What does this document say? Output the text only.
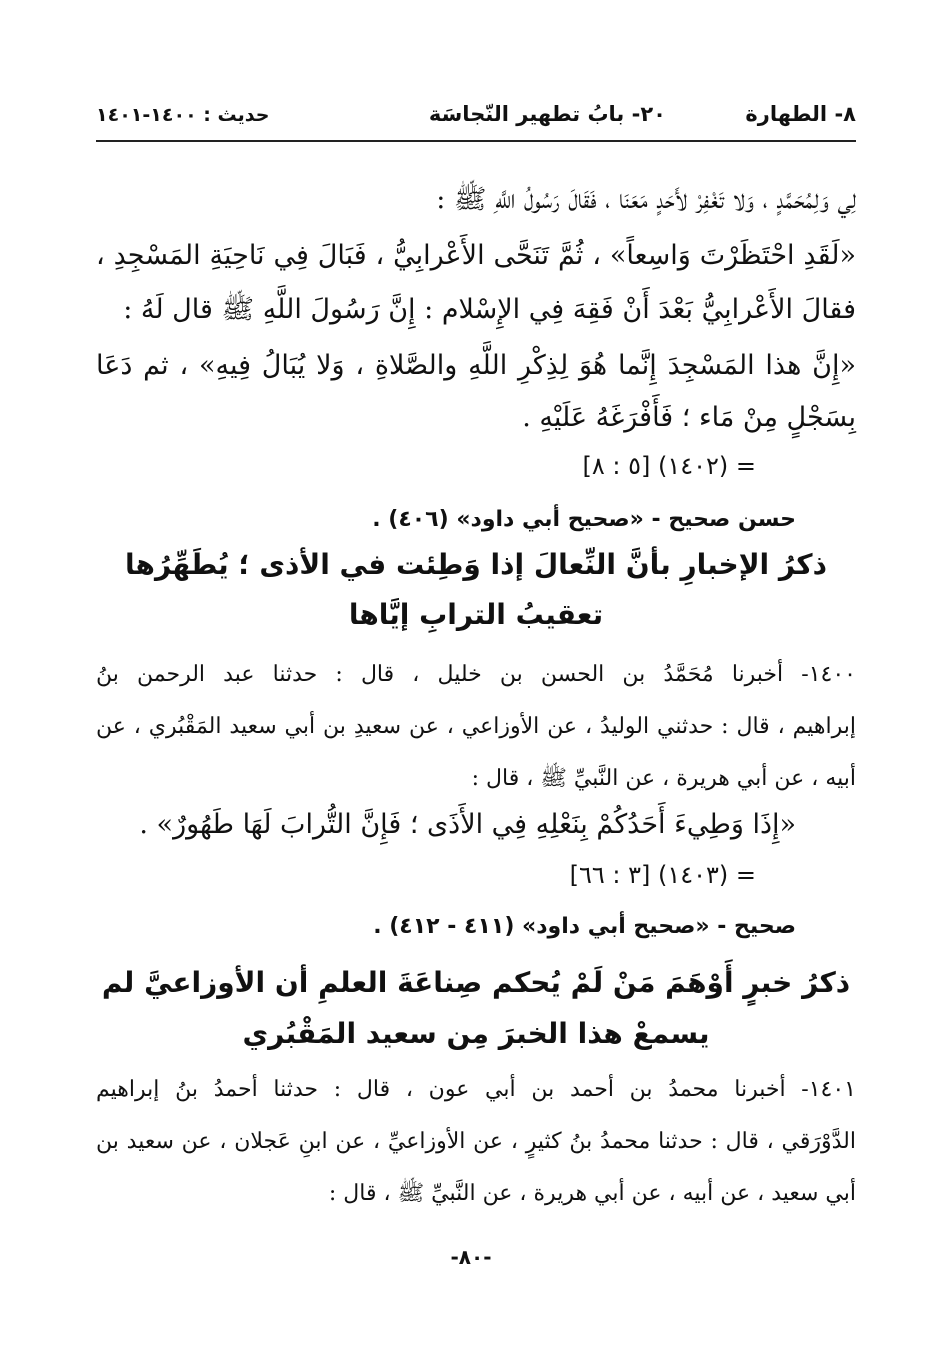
٨- الطهارة
٢٠- بابُ تطهير النّجاسَة
حديث : ١٤٠٠-١٤٠١
لِي وَلِمُحَمَّدٍ ، وَلا تَغْفِرْ لأَحَدٍ مَعَنَا ، فَقَالَ رَسُولُ اللَّهِ ﷺ :
«لَقَدِ احْتَظَرْتَ وَاسِعاً» ، ثُمَّ تَنَحَّى الأَعْرابِيُّ ، فَبَالَ فِي نَاحِيَةِ المَسْجِدِ ،
فقالَ الأَعْرابِيُّ بَعْدَ أَنْ فَقِهَ فِي الإِسْلام : إِنَّ رَسُولَ اللَّهِ ﷺ قال لَهُ :
«إِنَّ هذا المَسْجِدَ إِنَّما هُوَ لِذِكْرِ اللَّهِ والصَّلاةِ ، وَلا يُبَالُ فِيهِ» ، ثم دَعَا
بِسَجْلٍ مِنْ مَاء ؛ فَأَفْرَغَهُ عَلَيْهِ .
= (١٤٠٢) [٥ : ٨]
حسن صحيح - «صحيح أبي داود» (٤٠٦) .
ذكرُ الإخبارِ بأنَّ النِّعالَ إذا وَطِئت في الأذى ؛ يُطَهِّرُها
تعقيبُ الترابِ إيَّاها
١٤٠٠- أخبرنا مُحَمَّدُ بن الحسن بن خليل ، قال : حدثنا عبد الرحمن بنُ
إبراهيم ، قال : حدثني الوليدُ ، عن الأوزاعي ، عن سعيدِ بن أبي سعيد المَقْبُري ، عن
أبيه ، عن أبي هريرة ، عن النَّبيِّ ﷺ ، قال :
«إِذَا وَطِيءَ أَحَدُكُمْ بِنَعْلِهِ فِي الأَذَى ؛ فَإِنَّ التُّرابَ لَهَا طَهُورٌ» .
= (١٤٠٣) [٣ : ٦٦]
صحيح - «صحيح أبي داود» (٤١١ - ٤١٢) .
ذكرُ خبرٍ أَوْهَمَ مَنْ لَمْ يُحكم صِناعَةَ العلمِ أن الأوزاعيَّ لم
يسمعْ هذا الخبرَ مِن سعيد المَقْبُري
١٤٠١- أخبرنا محمدُ بن أحمد بن أبي عون ، قال : حدثنا أحمدُ بنُ إبراهيم
الدَّوْرَقي ، قال : حدثنا محمدُ بنُ كثيرٍ ، عن الأوزاعيِّ ، عن ابنِ عَجلان ، عن سعيد بن
أبي سعيد ، عن أبيه ، عن أبي هريرة ، عن النَّبيِّ ﷺ ، قال :
-٨٠-
